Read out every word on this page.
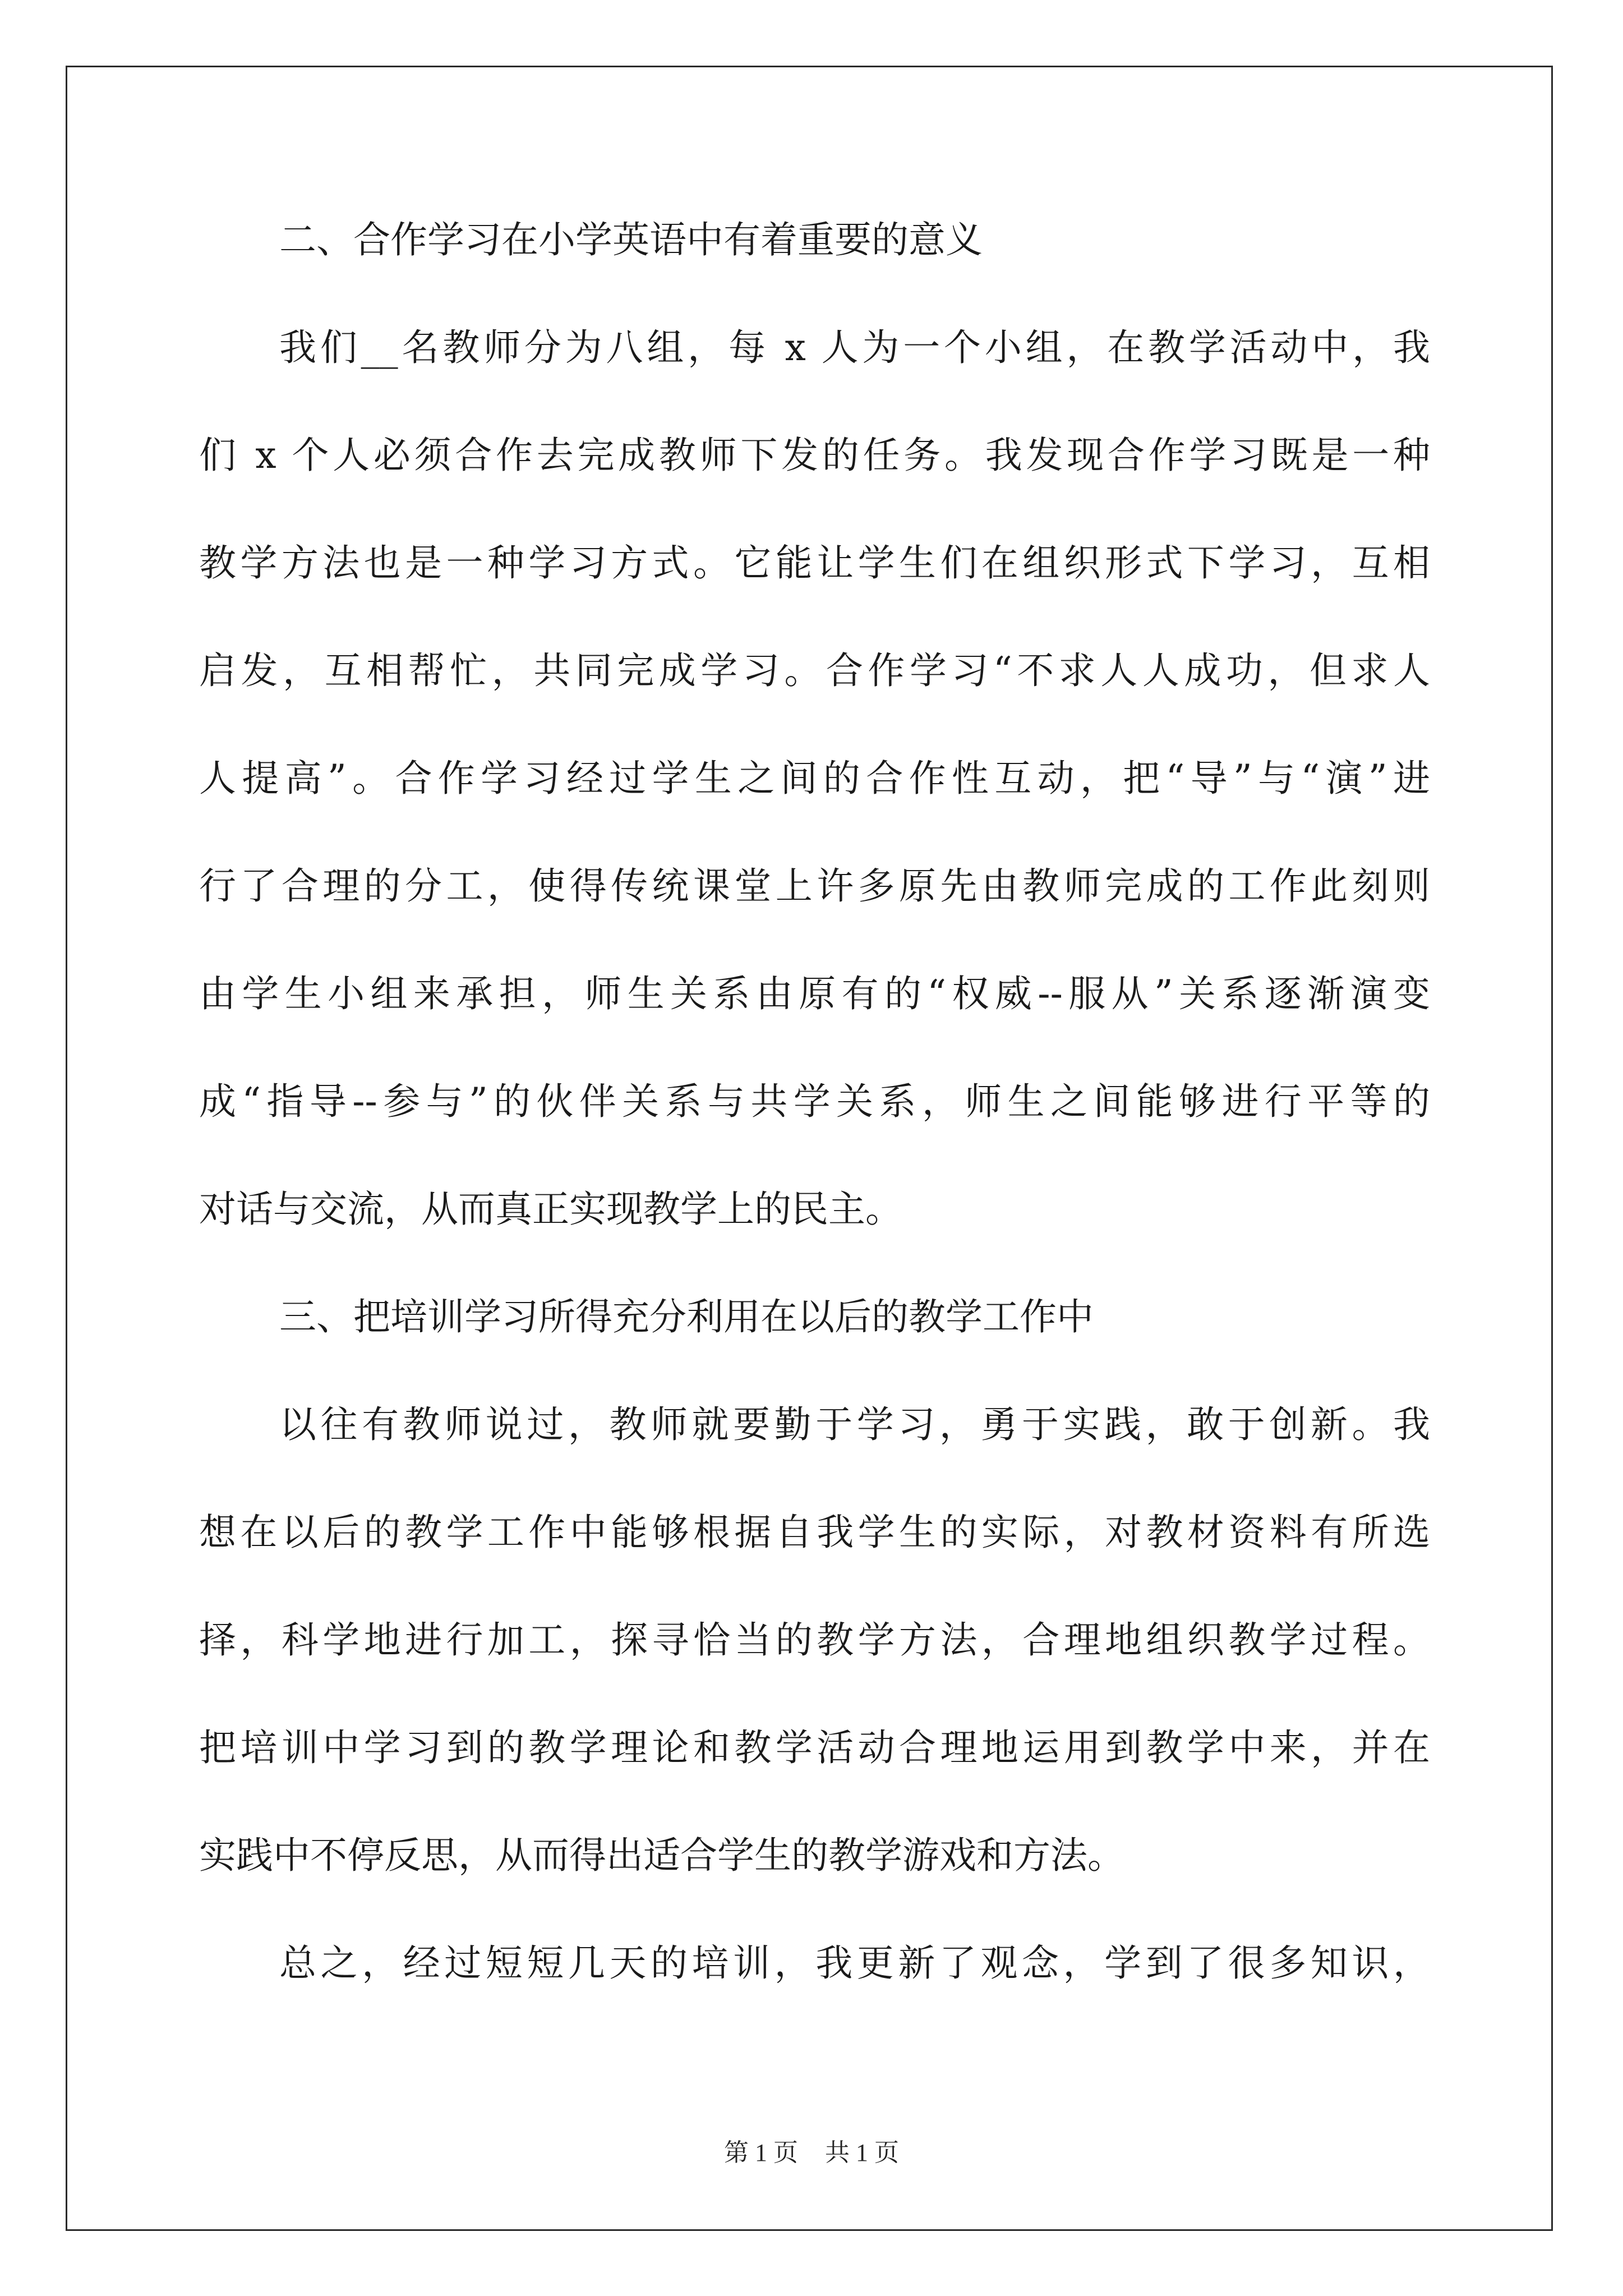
二、合作学习在小学英语中有着重要的意义
我们__名教师分为八组，每 x 人为一个小组，在教学活动中，我
们 x 个人必须合作去完成教师下发的任务。我发现合作学习既是一种
教学方法也是一种学习方式。它能让学生们在组织形式下学习，互相
启发，互相帮忙，共同完成学习。合作学习“不求人人成功，但求人
人提高”。合作学习经过学生之间的合作性互动，把“导”与“演”进
行了合理的分工，使得传统课堂上许多原先由教师完成的工作此刻则
由学生小组来承担，师生关系由原有的“权威--服从”关系逐渐演变
成“指导--参与”的伙伴关系与共学关系，师生之间能够进行平等的
对话与交流，从而真正实现教学上的民主。
三、把培训学习所得充分利用在以后的教学工作中
以往有教师说过，教师就要勤于学习，勇于实践，敢于创新。我
想在以后的教学工作中能够根据自我学生的实际，对教材资料有所选
择，科学地进行加工，探寻恰当的教学方法，合理地组织教学过程。
把培训中学习到的教学理论和教学活动合理地运用到教学中来，并在
实践中不停反思，从而得出适合学生的教学游戏和方法。
总之，经过短短几天的培训，我更新了观念，学到了很多知识，
第 1 页 共 1 页
